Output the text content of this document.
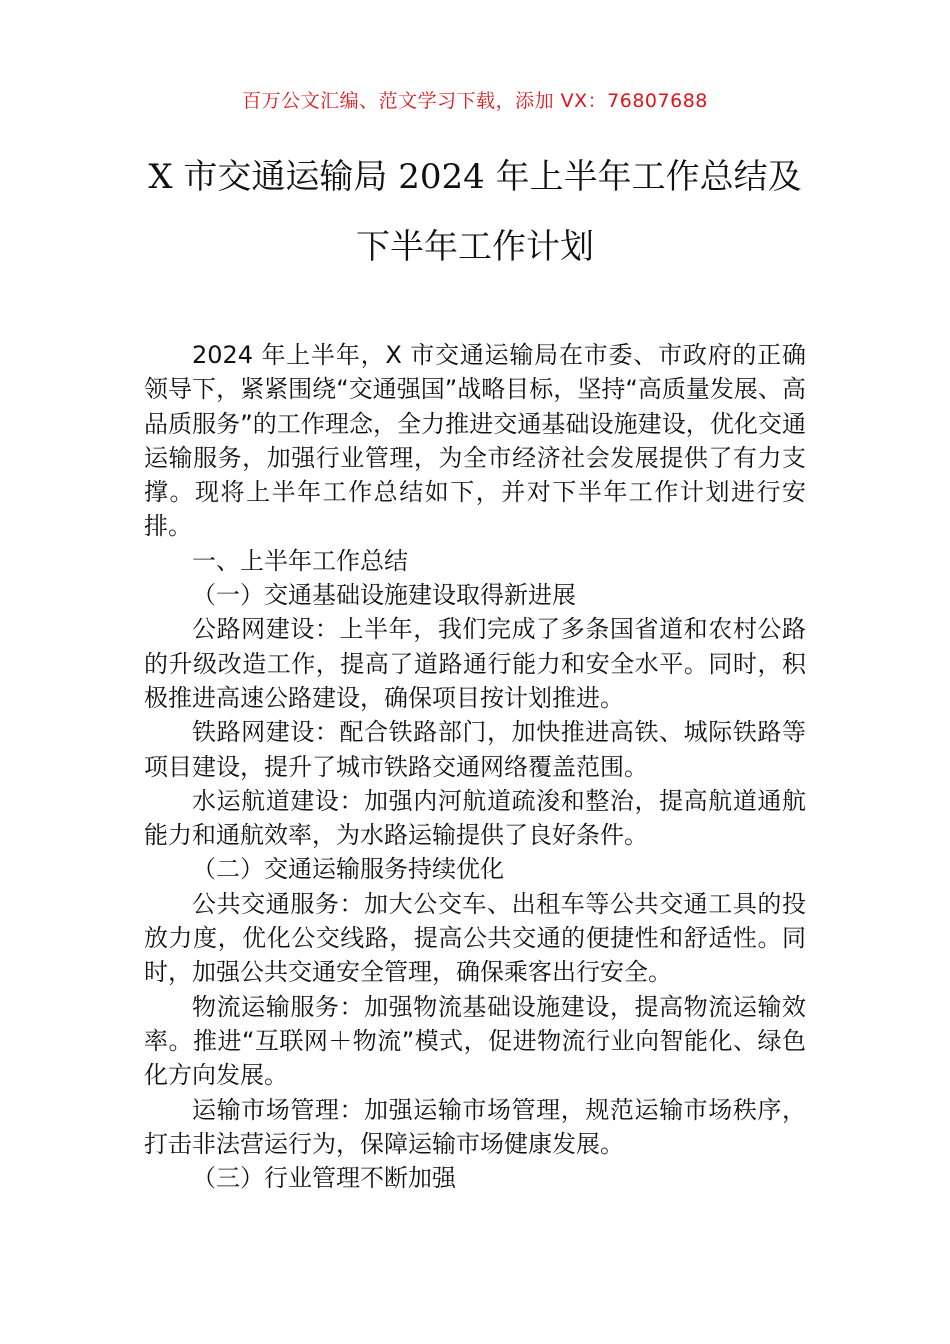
百万公文汇编、范文学习下载，添加 VX：76807688
X 市交通运输局 2024 年上半年工作总结及
下半年工作计划

2024 年上半年，X 市交通运输局在市委、市政府的正确领导下，紧紧围绕“交通强国”战略目标，坚持“高质量发展、高品质服务”的工作理念，全力推进交通基础设施建设，优化交通运输服务，加强行业管理，为全市经济社会发展提供了有力支撑。现将上半年工作总结如下，并对下半年工作计划进行安排。

一、上半年工作总结

（一）交通基础设施建设取得新进展

公路网建设：上半年，我们完成了多条国省道和农村公路的升级改造工作，提高了道路通行能力和安全水平。同时，积极推进高速公路建设，确保项目按计划推进。

铁路网建设：配合铁路部门，加快推进高铁、城际铁路等项目建设，提升了城市铁路交通网络覆盖范围。

水运航道建设：加强内河航道疏浚和整治，提高航道通航能力和通航效率，为水路运输提供了良好条件。

（二）交通运输服务持续优化

公共交通服务：加大公交车、出租车等公共交通工具的投放力度，优化公交线路，提高公共交通的便捷性和舒适性。同时，加强公共交通安全管理，确保乘客出行安全。

物流运输服务：加强物流基础设施建设，提高物流运输效率。推进“互联网＋物流”模式，促进物流行业向智能化、绿色化方向发展。

运输市场管理：加强运输市场管理，规范运输市场秩序，打击非法营运行为，保障运输市场健康发展。

（三）行业管理不断加强
